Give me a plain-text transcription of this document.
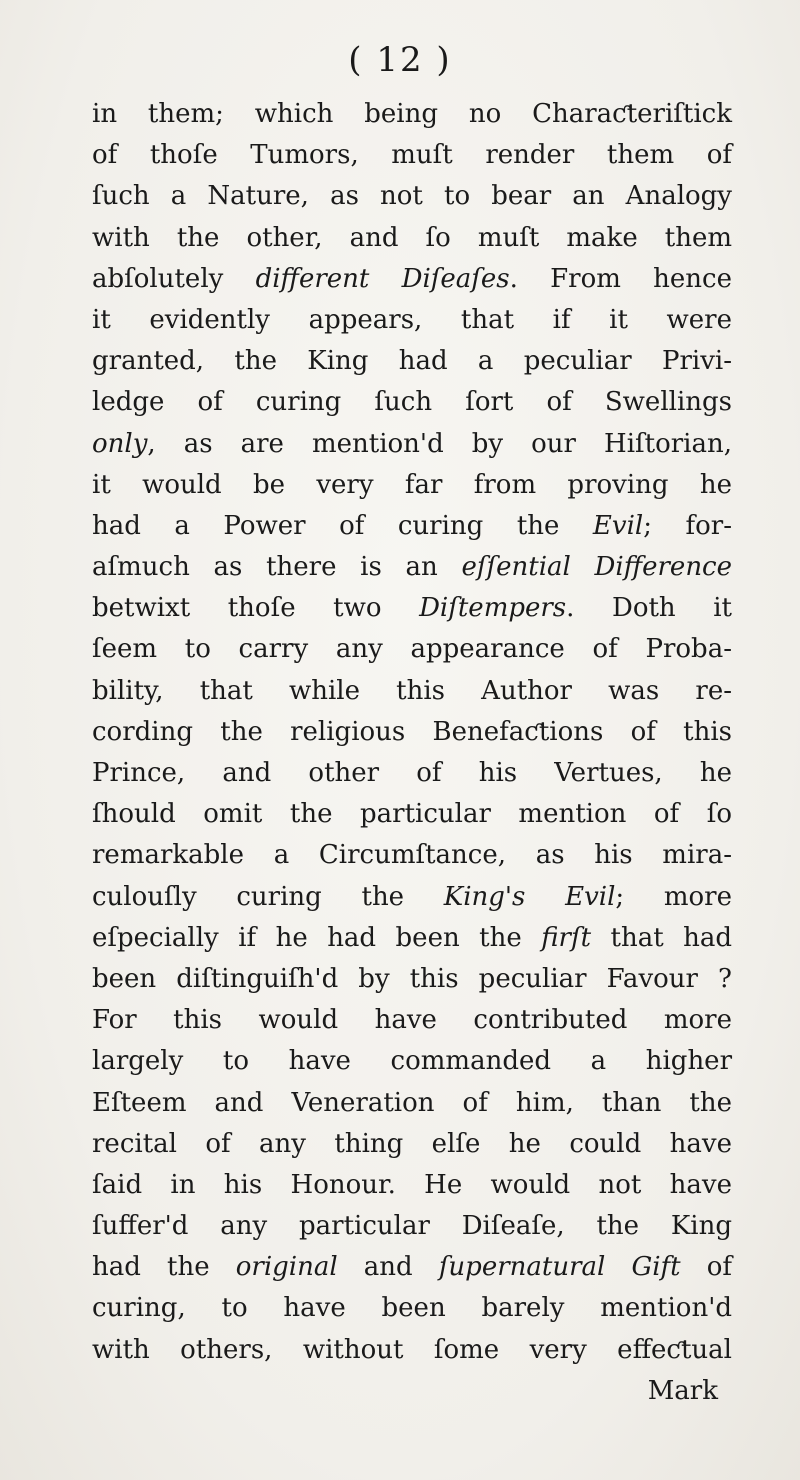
( 12 )
in them; which being no Charaƈteriſtick
of thoſe Tumors, muſt render them of
ſuch a Nature, as not to bear an Analogy
with the other, and ſo muſt make them
abſolutely different Diſeaſes. From hence
it evidently appears, that if it were
granted, the King had a peculiar Privi-
ledge of curing ſuch ſort of Swellings
only, as are mention'd by our Hiſtorian,
it would be very far from proving he
had a Power of curing the Evil; for-
aſmuch as there is an eſſential Difference
betwixt thoſe two Diſtempers. Doth it
ſeem to carry any appearance of Proba-
bility, that while this Author was re-
cording the religious Benefaƈtions of this
Prince, and other of his Vertues, he
ſhould omit the particular mention of ſo
remarkable a Circumſtance, as his mira-
culouſly curing the King's Evil; more
eſpecially if he had been the firſt that had
been diſtinguiſh'd by this peculiar Favour ?
For this would have contributed more
largely to have commanded a higher
Eſteem and Veneration of him, than the
recital of any thing elſe he could have
ſaid in his Honour. He would not have
ſuffer'd any particular Diſeaſe, the King
had the original and ſupernatural Gift of
curing, to have been barely mention'd
with others, without ſome very effeƈtual
Mark
